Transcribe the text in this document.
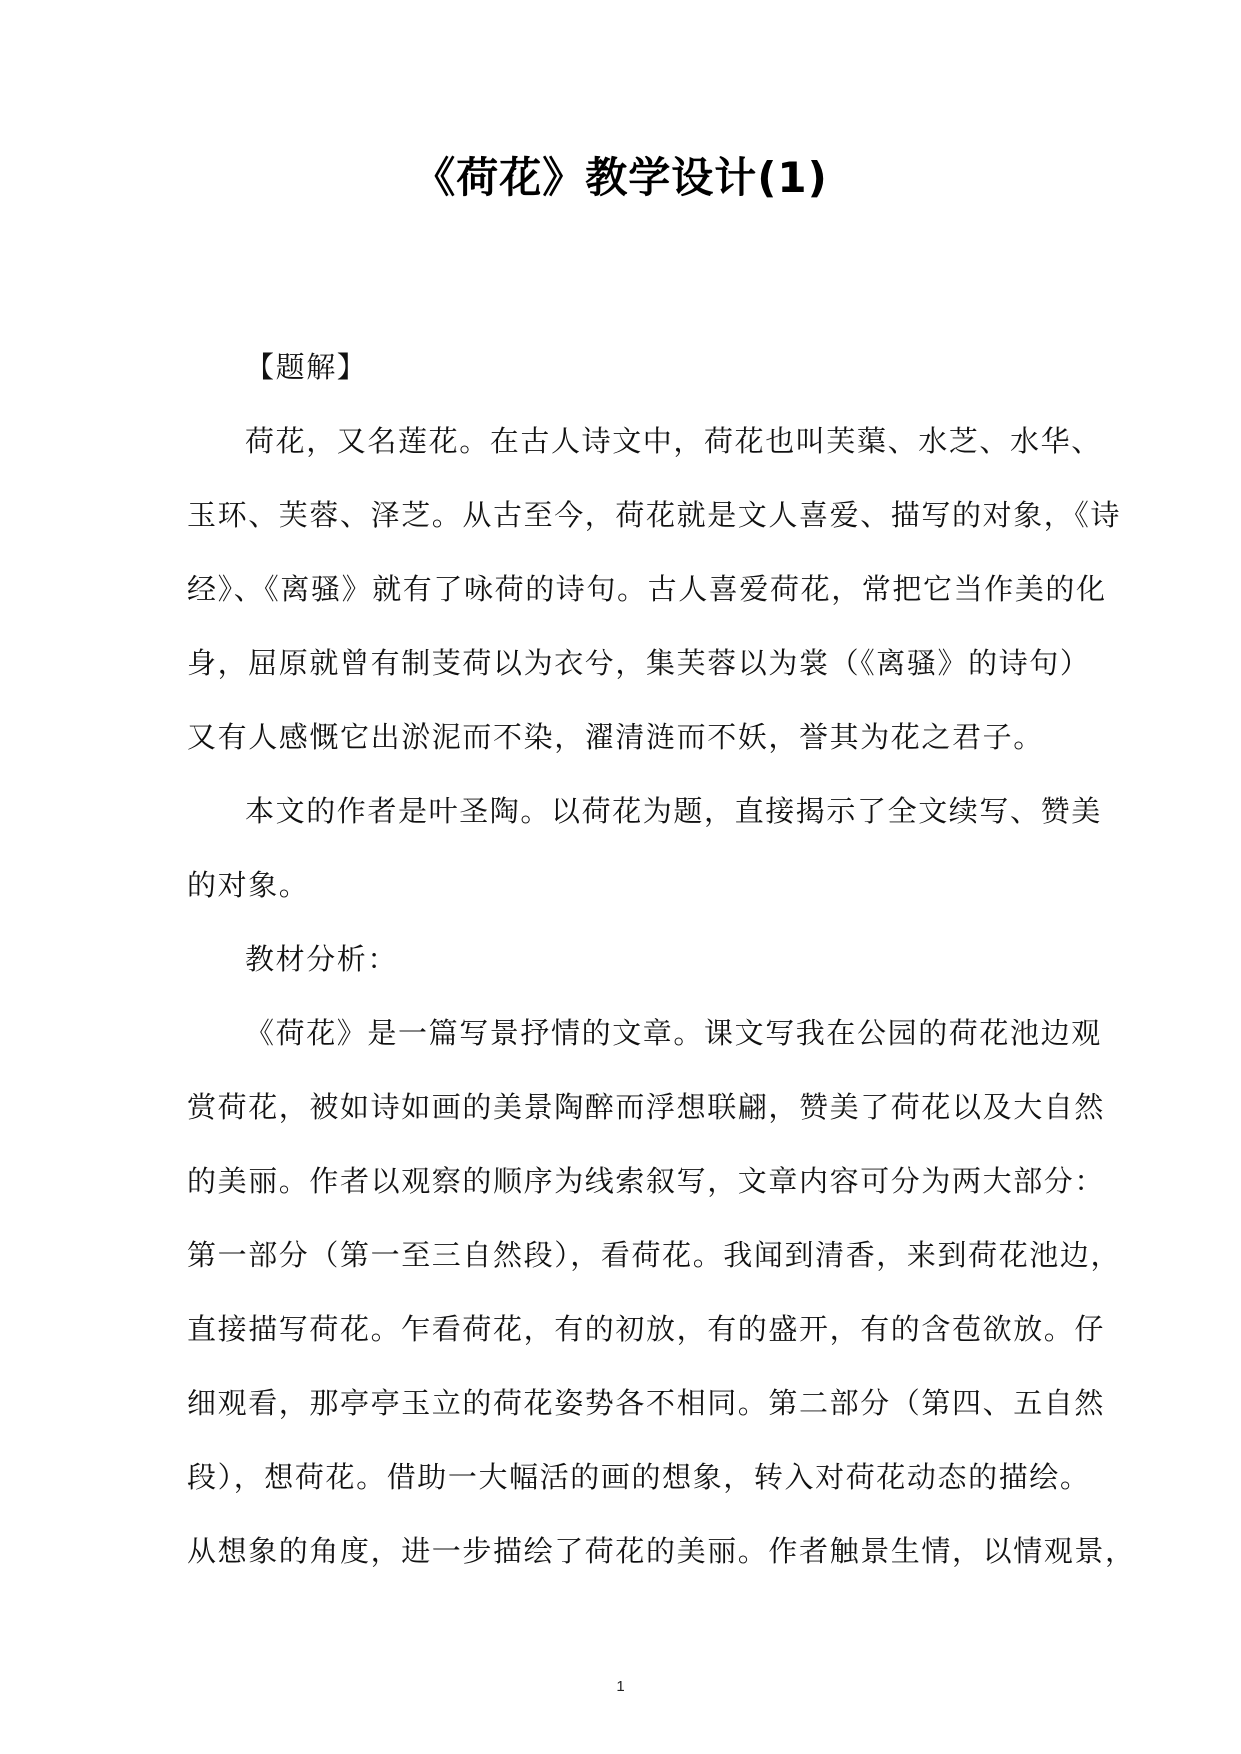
《荷花》教学设计(1)
【题解】
荷花，又名莲花。在古人诗文中，荷花也叫芙蕖、水芝、水华、
玉环、芙蓉、泽芝。从古至今，荷花就是文人喜爱、描写的对象，《诗
经》、《离骚》就有了咏荷的诗句。古人喜爱荷花，常把它当作美的化
身，屈原就曾有制芰荷以为衣兮，集芙蓉以为裳（《离骚》的诗句）
又有人感慨它出淤泥而不染，濯清涟而不妖，誉其为花之君子。
本文的作者是叶圣陶。以荷花为题，直接揭示了全文续写、赞美
的对象。
教材分析：
《荷花》是一篇写景抒情的文章。课文写我在公园的荷花池边观
赏荷花，被如诗如画的美景陶醉而浮想联翩，赞美了荷花以及大自然
的美丽。作者以观察的顺序为线索叙写，文章内容可分为两大部分：
第一部分（第一至三自然段），看荷花。我闻到清香，来到荷花池边，
直接描写荷花。乍看荷花，有的初放，有的盛开，有的含苞欲放。仔
细观看，那亭亭玉立的荷花姿势各不相同。第二部分（第四、五自然
段），想荷花。借助一大幅活的画的想象，转入对荷花动态的描绘。
从想象的角度，进一步描绘了荷花的美丽。作者触景生情，以情观景，
1
